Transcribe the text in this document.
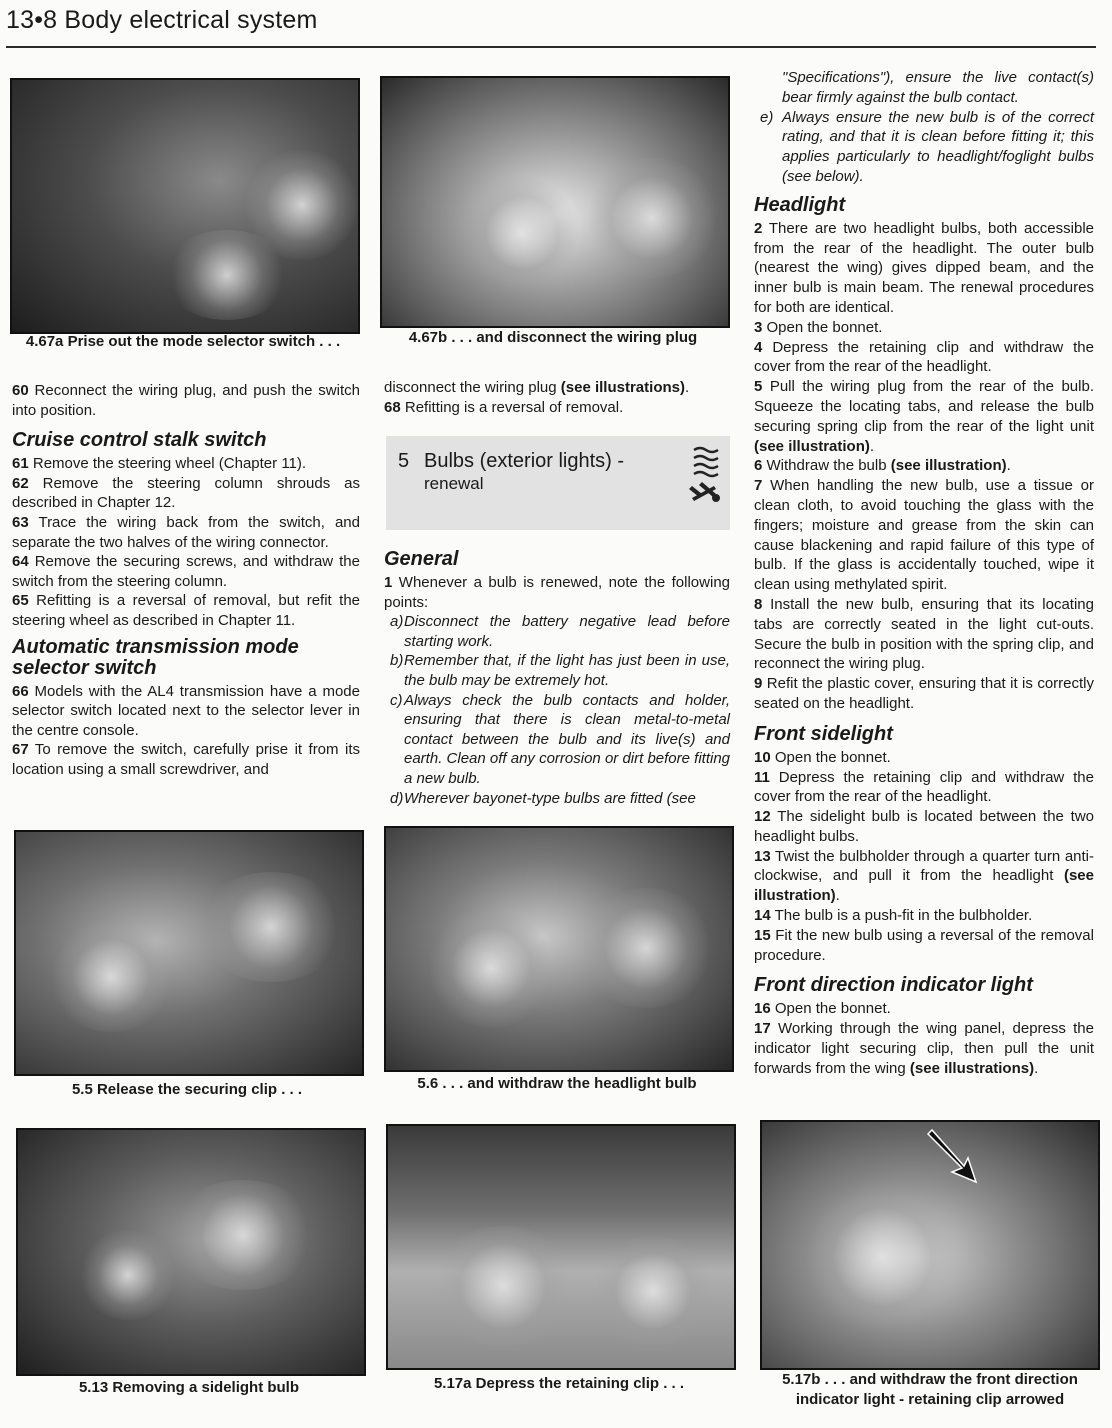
13•8 Body electrical system
4.67a Prise out the mode selector switch . . .	4.67b . . . and disconnect the wiring plug

60 Reconnect the wiring plug, and push the switch into position.

Cruise control stalk switch

61 Remove the steering wheel (Chapter 11).

62 Remove the steering column shrouds as described in Chapter 12.

63 Trace the wiring back from the switch, and separate the two halves of the wiring connector.

64 Remove the securing screws, and withdraw the switch from the steering column.

65 Refitting is a reversal of removal, but refit the steering wheel as described in Chapter 11.

Automatic transmission mode selector switch

66 Models with the AL4 transmission have a mode selector switch located next to the selector lever in the centre console.

67 To remove the switch, carefully prise it from its location using a small screwdriver, and

disconnect the wiring plug (see illustrations).

68 Refitting is a reversal of removal.

5 Bulbs (exterior lights) -
renewal
General

1 Whenever a bulb is renewed, note the following points:

a) Disconnect the battery negative lead before starting work.
b) Remember that, if the light has just been in use, the bulb may be extremely hot.
c) Always check the bulb contacts and holder, ensuring that there is clean metal-to-metal contact between the bulb and its live(s) and earth. Clean off any corrosion or dirt before fitting a new bulb.
d) Wherever bayonet-type bulbs are fitted (see
"Specifications"), ensure the live contact(s) bear firmly against the bulb contact.
e) Always ensure the new bulb is of the correct rating, and that it is clean before fitting it; this applies particularly to headlight/foglight bulbs (see below).
Headlight

2 There are two headlight bulbs, both accessible from the rear of the headlight. The outer bulb (nearest the wing) gives dipped beam, and the inner bulb is main beam. The renewal procedures for both are identical.

3 Open the bonnet.

4 Depress the retaining clip and withdraw the cover from the rear of the headlight.

5 Pull the wiring plug from the rear of the bulb. Squeeze the locating tabs, and release the bulb securing spring clip from the rear of the light unit (see illustration).

6 Withdraw the bulb (see illustration).

7 When handling the new bulb, use a tissue or clean cloth, to avoid touching the glass with the fingers; moisture and grease from the skin can cause blackening and rapid failure of this type of bulb. If the glass is accidentally touched, wipe it clean using methylated spirit.

8 Install the new bulb, ensuring that its locating tabs are correctly seated in the light cut-outs. Secure the bulb in position with the spring clip, and reconnect the wiring plug.

9 Refit the plastic cover, ensuring that it is correctly seated on the headlight.

Front sidelight

10 Open the bonnet.

11 Depress the retaining clip and withdraw the cover from the rear of the headlight.

12 The sidelight bulb is located between the two headlight bulbs.

13 Twist the bulbholder through a quarter turn anti-clockwise, and pull it from the headlight (see illustration).

14 The bulb is a push-fit in the bulbholder.

15 Fit the new bulb using a reversal of the removal procedure.

Front direction indicator light

16 Open the bonnet.

17 Working through the wing panel, depress the indicator light securing clip, then pull the unit forwards from the wing (see illustrations).

5.5 Release the securing clip . . .	5.6 . . . and withdraw the headlight bulb
5.13 Removing a sidelight bulb	5.17a Depress the retaining clip . . .	5.17b . . . and withdraw the front direction indicator light - retaining clip arrowed
